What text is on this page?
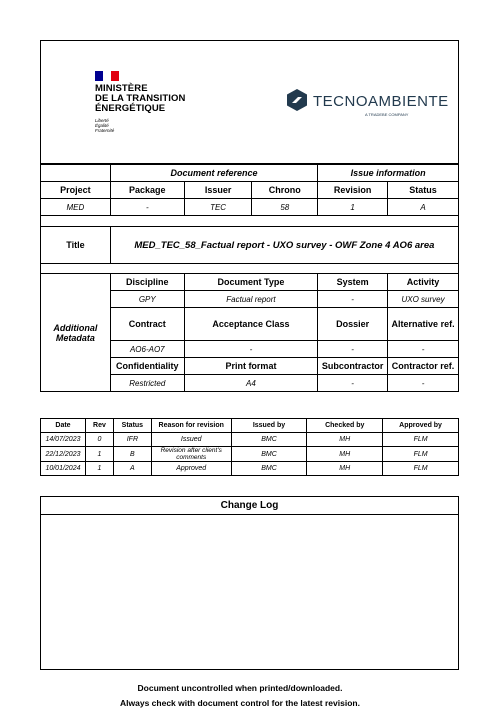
MINISTÈRE
DE LA TRANSITION
ÉNERGÉTIQUE
Liberté
Égalité
Fraternité
TECNOAMBIENTE
A TRADEBE COMPANY
	Document reference			Issue information	
Project	Package	Issuer	Chrono	Revision	Status
MED	-	TEC	58	1	A

Title	MED_TEC_58_Factual report - UXO survey - OWF Zone 4 AO6 area				

Additional
Metadata	Discipline	Document Type		System	Activity
	GPY	Factual report		-	UXO survey
	Contract	Acceptance Class		Dossier	Alternative ref.
	AO6-AO7	-		-	-
	Confidentiality	Print format		Subcontractor	Contractor ref.
	Restricted	A4		-	-
Date	Rev	Status	Reason for revision	Issued by	Checked by	Approved by
14/07/2023	0	IFR	Issued	BMC	MH	FLM
22/12/2023	1	B	Revision after client's comments	BMC	MH	FLM
10/01/2024	1	A	Approved	BMC	MH	FLM
Change Log
Document uncontrolled when printed/downloaded.
Always check with document control for the latest revision.
